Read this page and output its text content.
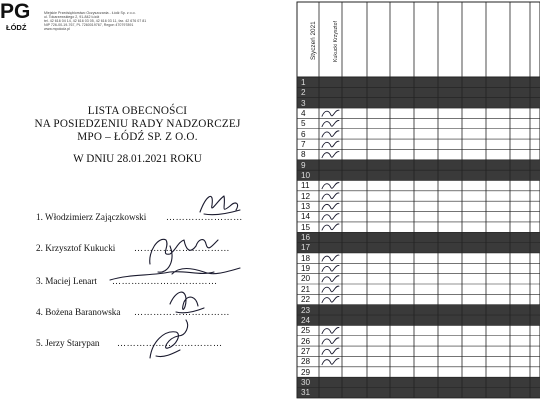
PG
ŁÓDŹ
Miejskie Przedsiębiorstwo Oczyszczania - Łódź Sp. z o.o.
ul. Tokarzewskiego 2, 91-842 Łódź
tel. 42 616 04 14, 42 616 03 05, 42 616 03 11, fax. 42 676 07 81
NIP 726-00-19-767, PL 7260019767, Regon 470797891
www.mpolodz.pl
LISTA OBECNOŚCI
NA POSIEDZENIU RADY NADZORCZEJ
MPO – ŁÓDŹ SP. Z O.O.
W DNIU 28.01.2021 ROKU
1. Włodzimierz Zajączkowski ……………………
2. Krzysztof Kukucki …………………………
3. Maciej Lenart ……………………………
4. Bożena Baranowska …………………………
5. Jerzy Starypan ……………………………
1
2
3
4
5
6
7
8
9
10
11
12
13
14
15
16
17
18
19
20
21
22
23
24
25
26
27
28
29
30
31
Styczeń 2021	Kukucki Krzysztof
